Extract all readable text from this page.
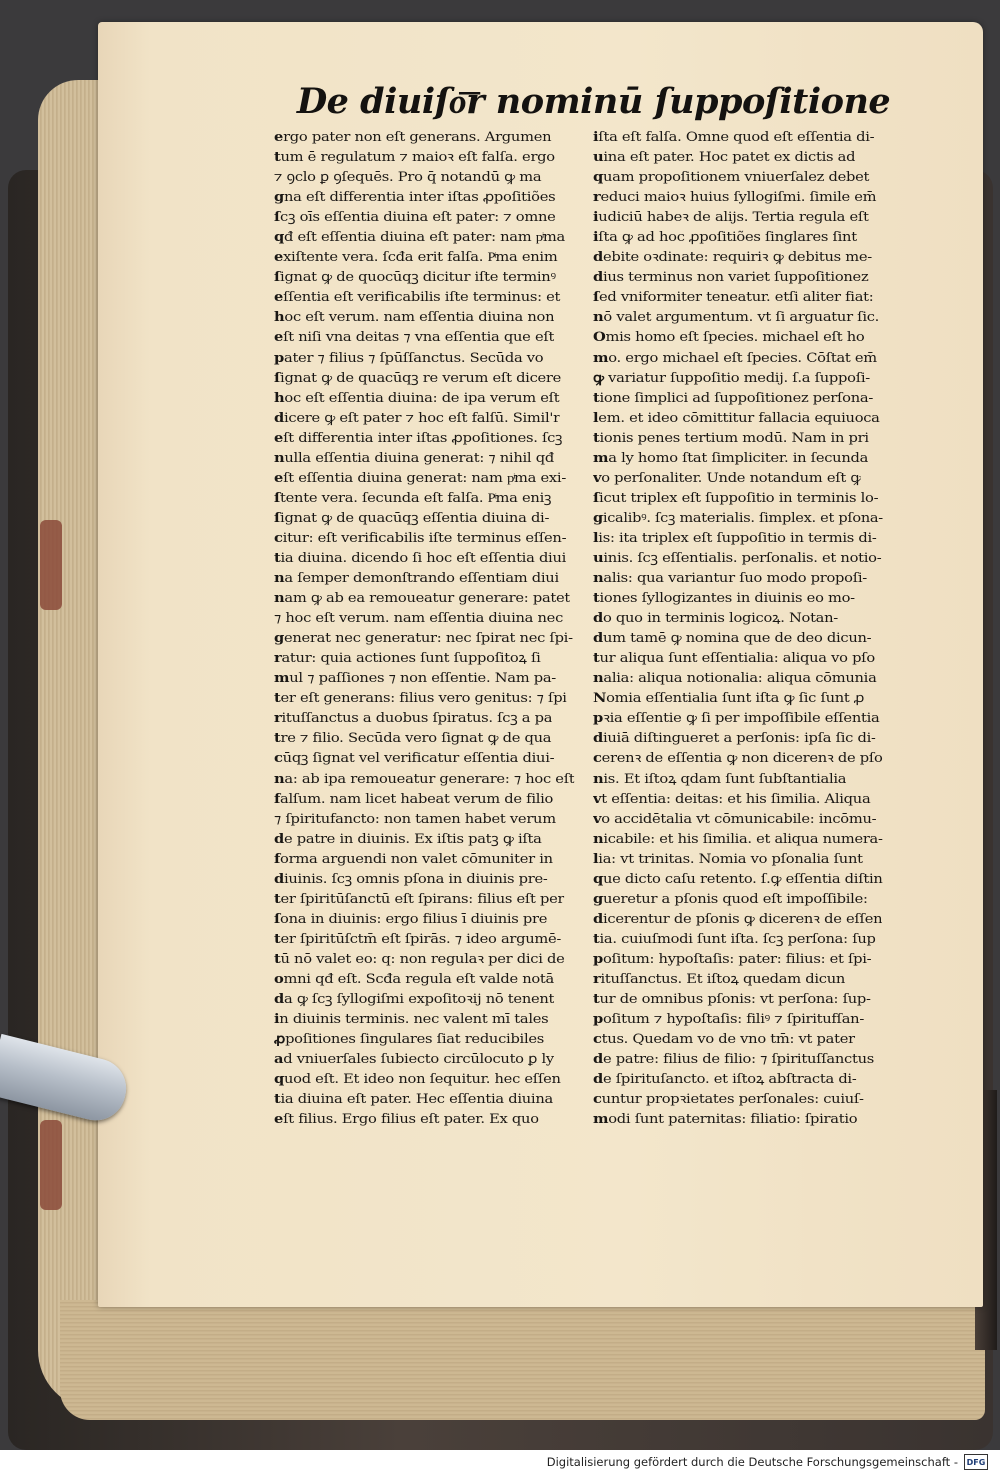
De diuiſo͞r nominū ſuppoſitione
ergo pater non eſt generans. Argumen
tum ē regulatum ⁊ maioꝛ eſt falſa. ergo
⁊ ꝯclo ꝑ ꝯſequēs. Pro q̄ notandū ꝙ ma
gna eſt differentia inter iſtas ꝓpoſitiões
ſcꝫ oīs eſſentia diuina eſt pater: ⁊ omne
qđ eſt eſſentia diuina eſt pater: nam pͥma
exiſtente vera. ſcđa erit falſa. Pͥma enim
ſignat ꝙ de quocūqꝫ dicitur iſte terminꝰ
eſſentia eſt verificabilis iſte terminus: et
hoc eſt verum. nam eſſentia diuina non
eſt niſi vna deitas ⁊ vna eſſentia que eſt
pater ⁊ filius ⁊ ſpūſſanctus. Secūda vo
ſignat ꝙ de quacūqꝫ re verum eſt dicere
hoc eſt eſſentia diuina: de ipa verum eſt
dicere ꝙ eſt pater ⁊ hoc eſt falſū. Simil'r
eſt differentia inter iſtas ꝓpoſitiones. ſcꝫ
nulla eſſentia diuina generat: ⁊ nihil qđ
eſt eſſentia diuina generat: nam pͥma exi-
ſtente vera. ſecunda eſt falſa. Pͥma eniꝫ
ſignat ꝙ de quacūqꝫ eſſentia diuina di-
citur: eſt verificabilis iſte terminus eſſen-
tia diuina. dicendo ſi hoc eſt eſſentia diui
na ſemper demonſtrando eſſentiam diui
nam ꝙ ab ea remoueatur generare: patet
⁊ hoc eſt verum. nam eſſentia diuina nec
generat nec generatur: nec ſpirat nec ſpi-
ratur: quia actiones ſunt ſuppoſitoꝝ ſi
mul ⁊ paſſiones ⁊ non eſſentie. Nam pa-
ter eſt generans: filius vero genitus: ⁊ ſpi
rituſſanctus a duobus ſpiratus. ſcꝫ a pa
tre ⁊ filio. Secūda vero ſignat ꝙ de qua
cūqꝫ ſignat vel verificatur eſſentia diui-
na: ab ipa remoueatur generare: ⁊ hoc eſt
falſum. nam licet habeat verum de filio
⁊ ſpiritufancto: non tamen habet verum
de patre in diuinis. Ex iſtis patꝫ ꝙ iſta
forma arguendi non valet cōmuniter in
diuinis. ſcꝫ omnis pſona in diuinis pre-
ter ſpiritūſanctū eſt ſpirans: filius eſt per
ſona in diuinis: ergo filius ī diuinis pre
ter ſpiritūſctm̄ eſt ſpirās. ⁊ ideo argumē-
tū nō valet eo: q: non regulaꝛ per dici de
omni qđ eſt. Scđa regula eſt valde notā
da ꝙ ſcꝫ ſyllogiſmi expoſitoꝛij nō tenent
in diuinis terminis. nec valent mī tales
ꝓpoſitiones ſingulares ſiat reducibiles
ad vniuerſales ſubiecto circūlocuto ꝑ ly
quod eſt. Et ideo non ſequitur. hec eſſen
tia diuina eſt pater. Hec eſſentia diuina
eſt filius. Ergo filius eſt pater. Ex quo
iſta eſt falſa. Omne quod eſt eſſentia di-
uina eſt pater. Hoc patet ex dictis ad
quam propoſitionem vniuerſalez debet
reduci maioꝛ huius ſyllogiſmi. ſimile em̄
iudiciū habeꝛ de alijs. Tertia regula eſt
iſta ꝙ ad hoc ꝓpoſitiões ſinglares ſint
debite oꝛdinate: requiriꝛ ꝙ debitus me-
dius terminus non variet ſuppoſitionez
ſed vniformiter teneatur. etſi aliter fiat:
nō valet argumentum. vt ſi arguatur ſic.
Omis homo eſt ſpecies. michael eſt ho
mo. ergo michael eſt ſpecies. Cōſtat em̄
ꝙ variatur ſuppoſitio medij. ſ.a ſuppoſi-
tione ſimplici ad ſuppoſitionez perſona-
lem. et ideo cōmittitur fallacia equiuoca
tionis penes tertium modū. Nam in pri
ma ly homo ſtat ſimpliciter. in ſecunda
vo perſonaliter. Unde notandum eſt ꝙ
ſicut triplex eſt ſuppoſitio in terminis lo-
gicalibꝰ. ſcꝫ materialis. ſimplex. et pſona-
lis: ita triplex eſt ſuppoſitio in termis di-
uinis. ſcꝫ eſſentialis. perſonalis. et notio-
nalis: qua variantur ſuo modo propoſi-
tiones ſyllogizantes in diuinis eo mo-
do quo in terminis logicoꝝ. Notan-
dum tamē ꝙ nomina que de deo dicun-
tur aliqua ſunt eſſentialia: aliqua vo pſo
nalia: aliqua notionalia: aliqua cōmunia
Nomia eſſentialia ſunt iſta ꝙ ſic ſunt ꝓ
pꝛia eſſentie ꝙ ſi per impoſſibile eſſentia
diuiā diſtingueret a perſonis: ipſa ſic di-
cerenꝛ de eſſentia ꝙ non dicerenꝛ de pſo
nis. Et iſtoꝝ qdam ſunt ſubſtantialia
vt eſſentia: deitas: et his ſimilia. Aliqua
vo accidētalia vt cōmunicabile: incōmu-
nicabile: et his ſimilia. et aliqua numera-
lia: vt trinitas. Nomia vo pſonalia ſunt
que dicto caſu retento. ſ.ꝙ eſſentia diſtin
gueretur a pſonis quod eſt impoſſibile:
dicerentur de pſonis ꝙ dicerenꝛ de eſſen
tia. cuiuſmodi ſunt iſta. ſcꝫ perſona: ſup
poſitum: hypoſtaſis: pater: filius: et ſpi-
rituſſanctus. Et iſtoꝝ quedam dicun
tur de omnibus pſonis: vt perſona: ſup-
poſitum ⁊ hypoſtaſis: filiꝰ ⁊ ſpiritufſan-
ctus. Quedam vo de vno tm̄: vt pater
de patre: filius de filio: ⁊ ſpirituſſanctus
de ſpirituſancto. et iſtoꝝ abſtracta di-
cuntur propꝛietates perſonales: cuiuſ-
modi ſunt paternitas: filiatio: ſpiratio
Digitalisierung gefördert durch die Deutsche Forschungsgemeinschaft -	DFG
